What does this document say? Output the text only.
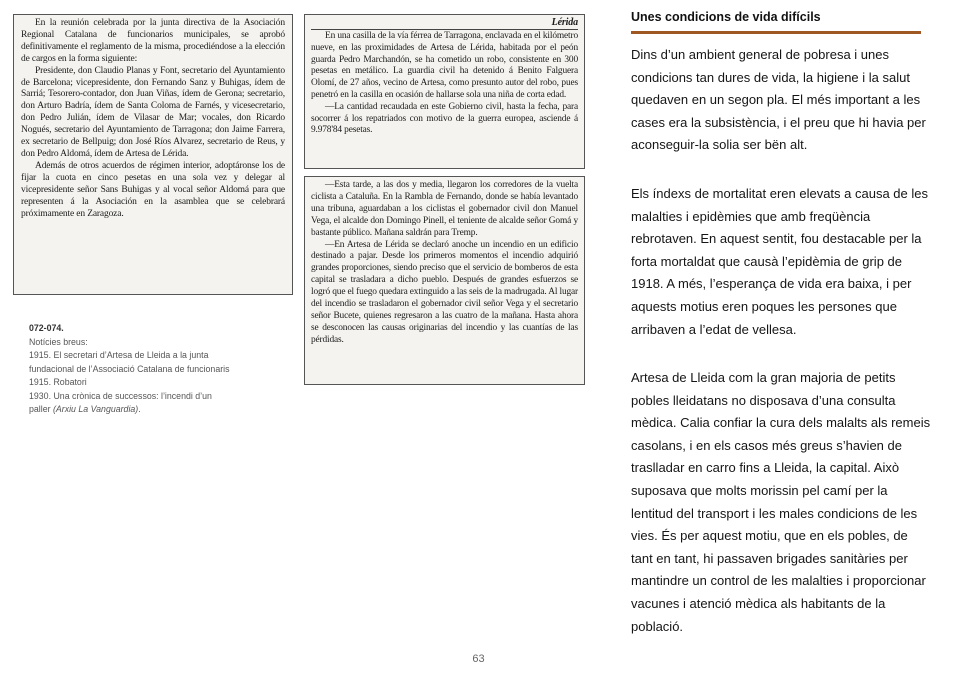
En la reunión celebrada por la junta directiva de la Asociación Regional Catalana de funcionarios municipales, se aprobó definitivamente el reglamento de la misma, procediéndose a la elección de cargos en la forma siguiente:

Presidente, don Claudio Planas y Font, secretario del Ayuntamiento de Barcelona; vicepresidente, don Fernando Sanz y Buhigas, ídem de Sarriá; Tesorero-contador, don Juan Viñas, ídem de Gerona; secretario, don Arturo Badría, ídem de Santa Coloma de Farnés, y vicesecretario, don Pedro Julián, ídem de Vilasar de Mar; vocales, don Ricardo Nogués, secretario del Ayuntamiento de Tarragona; don Jaime Farrera, ex secretario de Bellpuig; don José Ríos Alvarez, secretario de Reus, y don Pedro Aldomá, ídem de Artesa de Lérida.

Además de otros acuerdos de régimen interior, adoptáronse los de fijar la cuota en cinco pesetas en una sola vez y delegar al vicepresidente señor Sans Buhigas y al vocal señor Aldomá para que representen á la Asociación en la asamblea que se celebrará próximamente en Zaragoza.

Lérida

En una casilla de la vía férrea de Tarragona, enclavada en el kilómetro nueve, en las proximidades de Artesa de Lérida, habitada por el peón guarda Pedro Marchandón, se ha cometido un robo, consistente en 300 pesetas en metálico. La guardia civil ha detenido á Benito Falguera Olomí, de 27 años, vecino de Artesa, como presunto autor del robo, pues penetró en la casilla en ocasión de hallarse sola una niña de corta edad.

—La cantidad recaudada en este Gobierno civil, hasta la fecha, para socorrer á los repatriados con motivo de la guerra europea, asciende á 9.978'84 pesetas.

—Esta tarde, a las dos y media, llegaron los corredores de la vuelta ciclista a Cataluña. En la Rambla de Fernando, donde se había levantado una tribuna, aguardaban a los ciclistas el gobernador civil don Manuel Vega, el alcalde don Domingo Pinell, el teniente de alcalde señor Gomá y bastante público. Mañana saldrán para Tremp.

—En Artesa de Lérida se declaró anoche un incendio en un edificio destinado a pajar. Desde los primeros momentos el incendio adquirió grandes proporciones, siendo preciso que el servicio de bomberos de esta capital se trasladara a dicho pueblo. Después de grandes esfuerzos se logró que el fuego quedara extinguido a las seis de la madrugada. Al lugar del incendio se trasladaron el gobernador civil señor Vega y el secretario señor Bucete, quienes regresaron a las cuatro de la mañana. Hasta ahora se desconocen las causas originarias del incendio y las cuantías de las pérdidas.

072-074.
Notícies breus:
1915. El secretari d’Artesa de Lleida a la junta
fundacional de l’Associació Catalana de funcionaris
1915. Robatori
1930. Una crònica de successos: l’incendi d’un
paller (Arxiu La Vanguardia).
Unes condicions de vida difícils

Dins d’un ambient general de pobresa i unes condicions tan dures de vida, la higiene i la salut quedaven en un segon pla. El més important a les cases era la subsistència, i el preu que hi havia per aconseguir-la solia ser bën alt.

Els índexs de mortalitat eren elevats a causa de les malalties i epidèmies que amb freqüència rebrotaven. En aquest sentit, fou destacable per la forta mortaldat que causà l’epidèmia de grip de 1918. A més, l’esperança de vida era baixa, i per aquests motius eren poques les persones que arribaven a l’edat de vellesa.

Artesa de Lleida com la gran majoria de petits pobles lleidatans no disposava d’una consulta mèdica. Calia confiar la cura dels malalts als remeis casolans, i en els casos més greus s’havien de traslladar en carro fins a Lleida, la capital. Això suposava que molts morissin pel camí per la lentitud del transport i les males condicions de les vies. És per aquest motiu, que en els pobles, de tant en tant, hi passaven brigades sanitàries per mantindre un control de les malalties i proporcionar vacunes i atenció mèdica als habitants de la població.

63
